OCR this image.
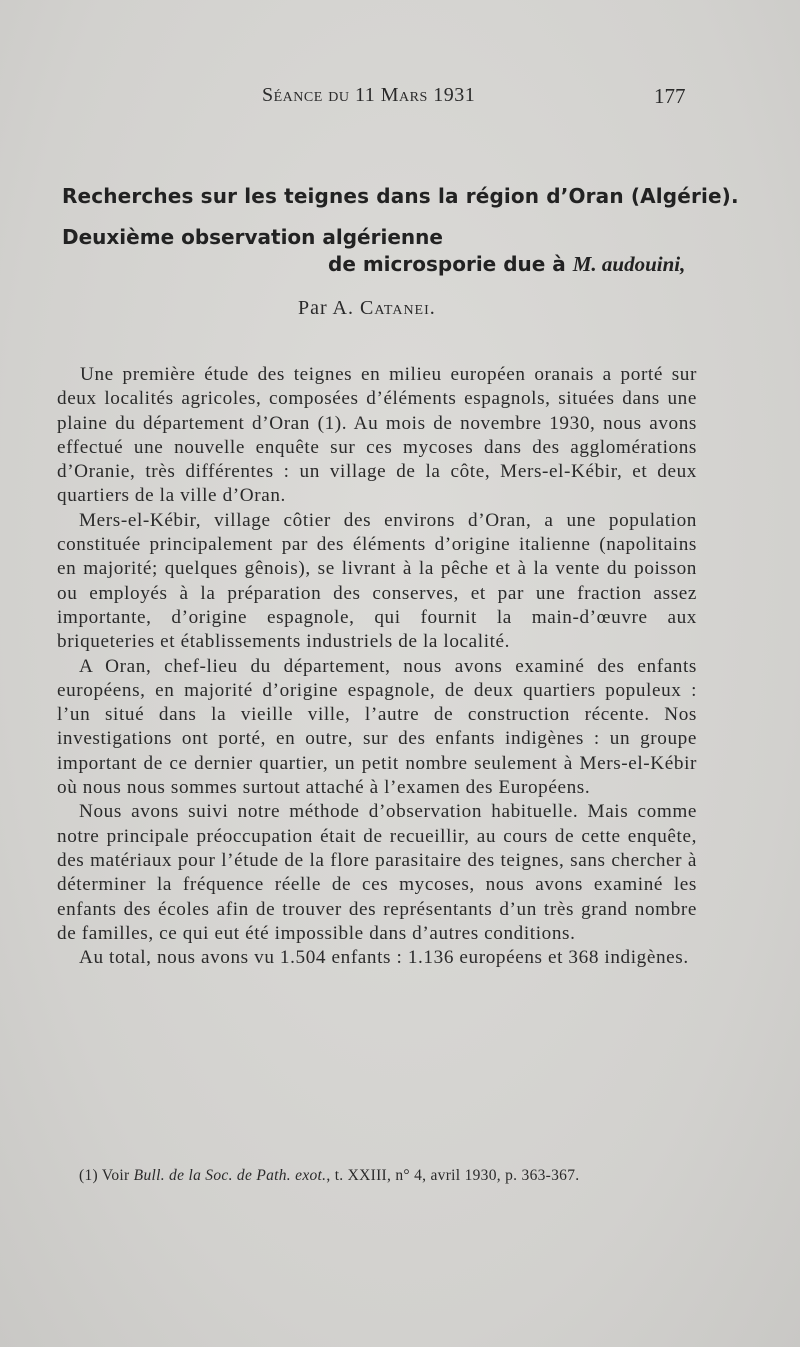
Séance du 11 Mars 1931	177
Recherches sur les teignes dans la région d’Oran (Algérie).
Deuxième observation algérienne
de microsporie due à M. audouini,
Par A. Catanei.

Une première étude des teignes en milieu européen oranais a porté sur deux localités agricoles, composées d’éléments espagnols, situées dans une plaine du département d’Oran (1). Au mois de novembre 1930, nous avons effectué une nouvelle enquête sur ces mycoses dans des agglomérations d’Oranie, très différentes : un village de la côte, Mers-el-Kébir, et deux quartiers de la ville d’Oran.

Mers-el-Kébir, village côtier des environs d’Oran, a une population constituée principalement par des éléments d’origine italienne (napolitains en majorité; quelques gênois), se livrant à la pêche et à la vente du poisson ou employés à la préparation des conserves, et par une fraction assez importante, d’origine espagnole, qui fournit la main-d’œuvre aux briqueteries et établissements industriels de la localité.

A Oran, chef-lieu du département, nous avons examiné des enfants européens, en majorité d’origine espagnole, de deux quartiers populeux : l’un situé dans la vieille ville, l’autre de construction récente. Nos investigations ont porté, en outre, sur des enfants indigènes : un groupe important de ce dernier quartier, un petit nombre seulement à Mers-el-Kébir où nous nous sommes surtout attaché à l’examen des Européens.

Nous avons suivi notre méthode d’observation habituelle. Mais comme notre principale préoccupation était de recueillir, au cours de cette enquête, des matériaux pour l’étude de la flore parasitaire des teignes, sans chercher à déterminer la fréquence réelle de ces mycoses, nous avons examiné les enfants des écoles afin de trouver des représentants d’un très grand nombre de familles, ce qui eut été impossible dans d’autres conditions.

Au total, nous avons vu 1.504 enfants : 1.136 européens et 368 indigènes.

(1) Voir Bull. de la Soc. de Path. exot., t. XXIII, n° 4, avril 1930, p. 363-367.
